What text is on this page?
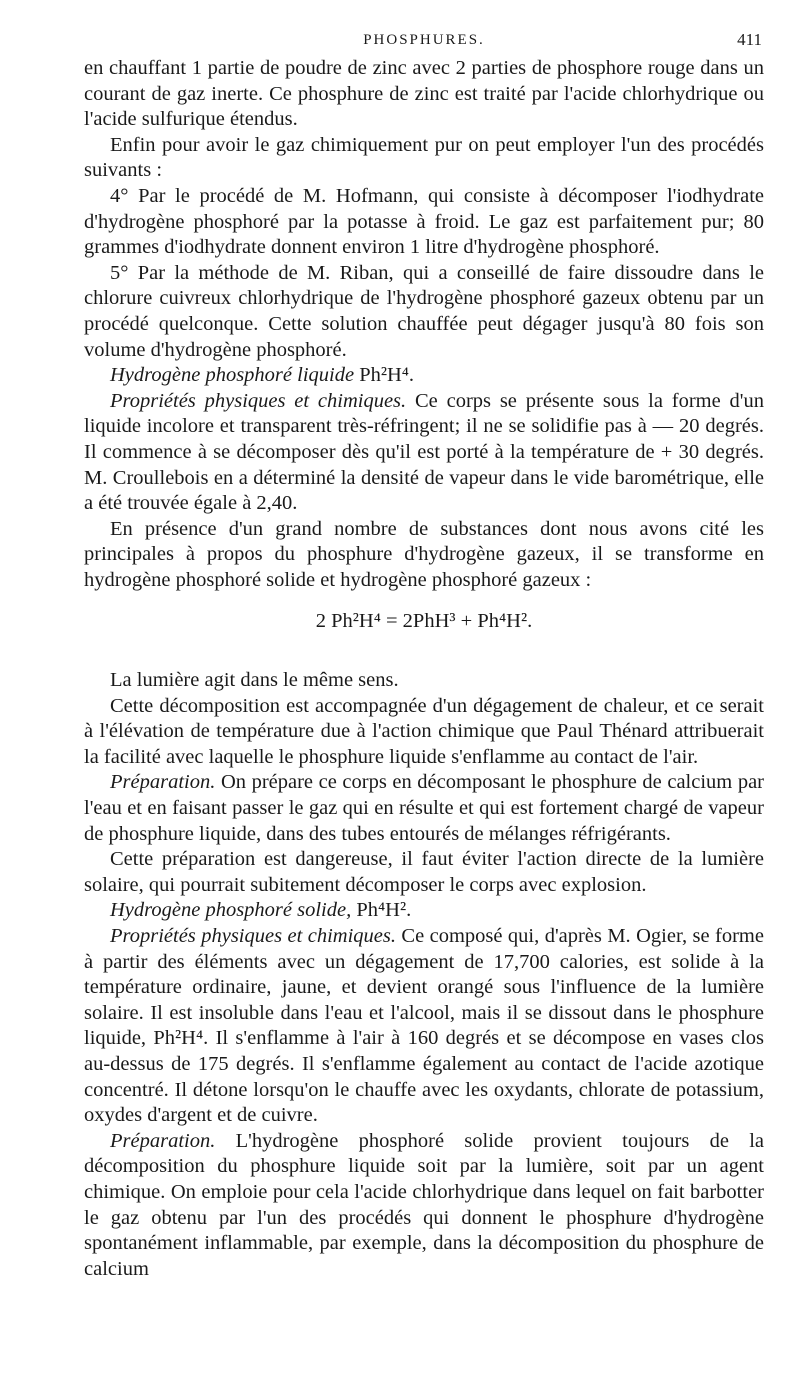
PHOSPHURES.	411

en chauffant 1 partie de poudre de zinc avec 2 parties de phosphore rouge dans un courant de gaz inerte. Ce phosphure de zinc est traité par l'acide chlorhydrique ou l'acide sulfurique étendus.

Enfin pour avoir le gaz chimiquement pur on peut employer l'un des procédés suivants :

4° Par le procédé de M. Hofmann, qui consiste à décomposer l'iodhydrate d'hydrogène phosphoré par la potasse à froid. Le gaz est parfaitement pur; 80 grammes d'iodhydrate donnent environ 1 litre d'hydrogène phosphoré.

5° Par la méthode de M. Riban, qui a conseillé de faire dissoudre dans le chlorure cuivreux chlorhydrique de l'hydrogène phosphoré gazeux obtenu par un procédé quelconque. Cette solution chauffée peut dégager jusqu'à 80 fois son volume d'hydrogène phosphoré.

Hydrogène phosphoré liquide Ph²H⁴.

Propriétés physiques et chimiques. Ce corps se présente sous la forme d'un liquide incolore et transparent très-réfringent; il ne se solidifie pas à — 20 degrés. Il commence à se décomposer dès qu'il est porté à la température de + 30 degrés. M. Croullebois en a déterminé la densité de vapeur dans le vide barométrique, elle a été trouvée égale à 2,40.

En présence d'un grand nombre de substances dont nous avons cité les principales à propos du phosphure d'hydrogène gazeux, il se transforme en hydrogène phosphoré solide et hydrogène phosphoré gazeux :

2 Ph²H⁴ = 2PhH³ + Ph⁴H².

La lumière agit dans le même sens.

Cette décomposition est accompagnée d'un dégagement de chaleur, et ce serait à l'élévation de température due à l'action chimique que Paul Thénard attribuerait la facilité avec laquelle le phosphure liquide s'enflamme au contact de l'air.

Préparation. On prépare ce corps en décomposant le phosphure de calcium par l'eau et en faisant passer le gaz qui en résulte et qui est fortement chargé de vapeur de phosphure liquide, dans des tubes entourés de mélanges réfrigérants.

Cette préparation est dangereuse, il faut éviter l'action directe de la lumière solaire, qui pourrait subitement décomposer le corps avec explosion.

Hydrogène phosphoré solide, Ph⁴H².

Propriétés physiques et chimiques. Ce composé qui, d'après M. Ogier, se forme à partir des éléments avec un dégagement de 17,700 calories, est solide à la température ordinaire, jaune, et devient orangé sous l'influence de la lumière solaire. Il est insoluble dans l'eau et l'alcool, mais il se dissout dans le phosphure liquide, Ph²H⁴. Il s'enflamme à l'air à 160 degrés et se décompose en vases clos au-dessus de 175 degrés. Il s'enflamme également au contact de l'acide azotique concentré. Il détone lorsqu'on le chauffe avec les oxydants, chlorate de potassium, oxydes d'argent et de cuivre.

Préparation. L'hydrogène phosphoré solide provient toujours de la décomposition du phosphure liquide soit par la lumière, soit par un agent chimique. On emploie pour cela l'acide chlorhydrique dans lequel on fait barbotter le gaz obtenu par l'un des procédés qui donnent le phosphure d'hydrogène spontanément inflammable, par exemple, dans la décomposition du phosphure de calcium
